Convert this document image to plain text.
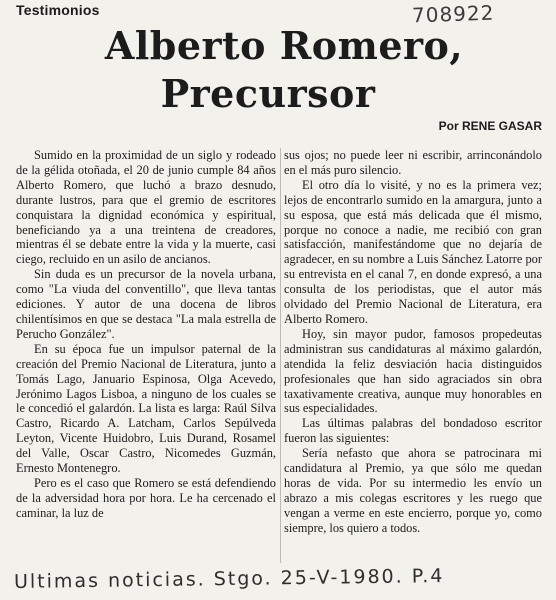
Testimonios	708922
Alberto Romero,
Precursor
Por RENE GASAR

Sumido en la proximidad de un siglo y rodeado de la gélida otoñada, el 20 de junio cumple 84 años Alberto Romero, que luchó a brazo desnudo, durante lustros, para que el gremio de escritores conquistara la dignidad económica y espiritual, beneficiando ya a una treintena de creadores, mientras él se debate entre la vida y la muerte, casi ciego, recluido en un asilo de ancianos.

Sin duda es un precursor de la novela urbana, como "La viuda del conventillo", que lleva tantas ediciones. Y autor de una docena de libros chilentísimos en que se destaca "La mala estrella de Perucho González".

En su época fue un impulsor paternal de la creación del Premio Nacional de Literatura, junto a Tomás Lago, Januario Espinosa, Olga Acevedo, Jerónimo Lagos Lisboa, a ninguno de los cuales se le concedió el galardón. La lista es larga: Raúl Silva Castro, Ricardo A. Latcham, Carlos Sepúlveda Leyton, Vicente Huidobro, Luis Durand, Rosamel del Valle, Oscar Castro, Nicomedes Guzmán, Ernesto Montenegro.

Pero es el caso que Romero se está defendiendo de la adversidad hora por hora. Le ha cercenado el caminar, la luz de

sus ojos; no puede leer ni escribir, arrinconándolo en el más puro silencio.

El otro día lo visité, y no es la primera vez; lejos de encontrarlo sumido en la amargura, junto a su esposa, que está más delicada que él mismo, porque no conoce a nadie, me recibió con gran satisfacción, manifestándome que no dejaría de agradecer, en su nombre a Luis Sánchez Latorre por su entrevista en el canal 7, en donde expresó, a una consulta de los periodistas, que el autor más olvidado del Premio Nacional de Literatura, era Alberto Romero.

Hoy, sin mayor pudor, famosos propedeutas administran sus candidaturas al máximo galardón, atendida la feliz desviación hacia distinguidos profesionales que han sido agraciados sin obra taxativamente creativa, aunque muy honorables en sus especialidades.

Las últimas palabras del bondadoso escritor fueron las siguientes:

Sería nefasto que ahora se patrocinara mi candidatura al Premio, ya que sólo me quedan horas de vida. Por su intermedio les envío un abrazo a mis colegas escritores y les ruego que vengan a verme en este encierro, porque yo, como siempre, los quiero a todos.

Ultimas noticias. Stgo. 25-V-1980. P.4
